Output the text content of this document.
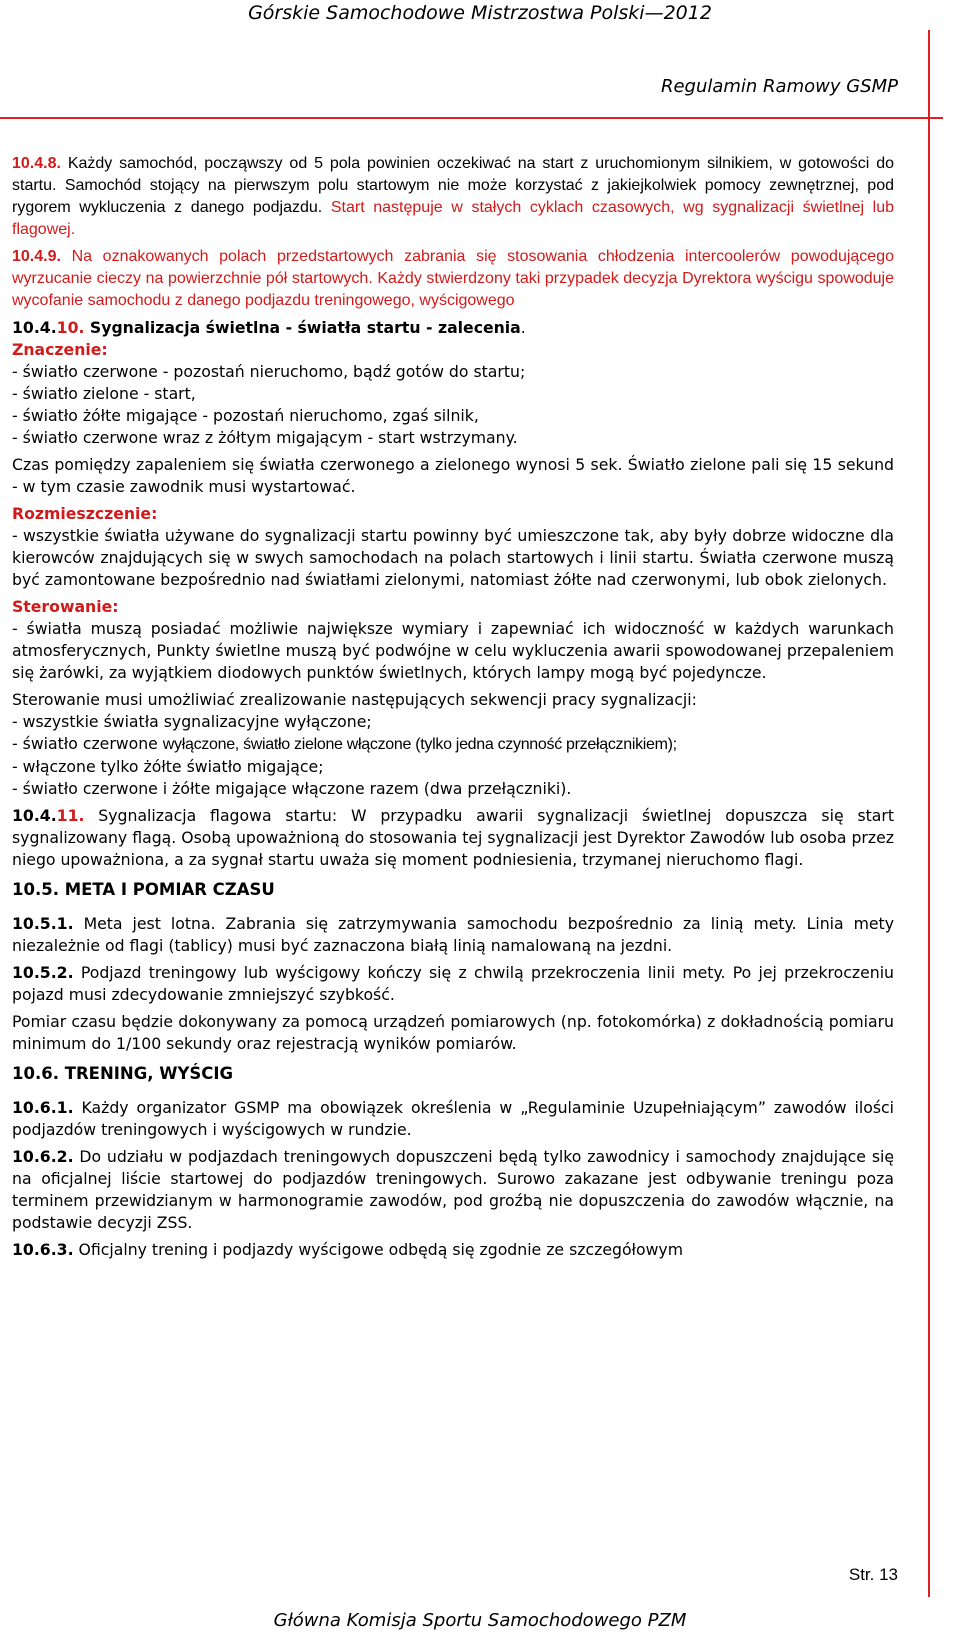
Górskie Samochodowe Mistrzostwa Polski—2012
Regulamin Ramowy GSMP

10.4.8. Każdy samochód, począwszy od 5 pola powinien oczekiwać na start z uruchomionym silnikiem, w gotowości do startu. Samochód stojący na pierwszym polu startowym nie może korzystać z jakiejkolwiek pomocy zewnętrznej, pod rygorem wykluczenia z danego podjazdu. Start następuje w stałych cyklach czasowych, wg sygnalizacji świetlnej lub flagowej.

10.4.9. Na oznakowanych polach przedstartowych zabrania się stosowania chłodzenia intercoolerów powodującego wyrzucanie cieczy na powierzchnie pół startowych. Każdy stwierdzony taki przypadek decyzja Dyrektora wyścigu spowoduje wycofanie samochodu z danego podjazdu treningowego, wyścigowego

10.4.10. Sygnalizacja świetlna - światła startu - zalecenia.

Znaczenie:

- światło czerwone - pozostań nieruchomo, bądź gotów do startu;

- światło zielone - start,

- światło żółte migające - pozostań nieruchomo, zgaś silnik,

- światło czerwone wraz z żółtym migającym - start wstrzymany.

Czas pomiędzy zapaleniem się światła czerwonego a zielonego wynosi 5 sek. Światło zielone pali się 15 sekund - w tym czasie zawodnik musi wystartować.

Rozmieszczenie:

- wszystkie światła używane do sygnalizacji startu powinny być umieszczone tak, aby były dobrze widoczne dla kierowców znajdujących się w swych samochodach na polach startowych i linii startu. Światła czerwone muszą być zamontowane bezpośrednio nad światłami zielonymi, natomiast żółte nad czerwonymi, lub obok zielonych.

Sterowanie:

- światła muszą posiadać możliwie największe wymiary i zapewniać ich widoczność w każdych warunkach atmosferycznych, Punkty świetlne muszą być podwójne w celu wykluczenia awarii spowodowanej przepaleniem się żarówki, za wyjątkiem diodowych punktów świetlnych, których lampy mogą być pojedyncze.

Sterowanie musi umożliwiać zrealizowanie następujących sekwencji pracy sygnalizacji:

- wszystkie światła sygnalizacyjne wyłączone;

- światło czerwone wyłączone, światło zielone włączone (tylko jedna czynność przełącznikiem);

- włączone tylko żółte światło migające;

- światło czerwone i żółte migające włączone razem (dwa przełączniki).

10.4.11. Sygnalizacja flagowa startu: W przypadku awarii sygnalizacji świetlnej dopuszcza się start sygnalizowany flagą. Osobą upoważnioną do stosowania tej sygnalizacji jest Dyrektor Zawodów lub osoba przez niego upoważniona, a za sygnał startu uważa się moment podniesienia, trzymanej nieruchomo flagi.

10.5. META I POMIAR CZASU

10.5.1. Meta jest lotna. Zabrania się zatrzymywania samochodu bezpośrednio za linią mety. Linia mety niezależnie od flagi (tablicy) musi być zaznaczona białą linią namalowaną na jezdni.

10.5.2. Podjazd treningowy lub wyścigowy kończy się z chwilą przekroczenia linii mety. Po jej przekroczeniu pojazd musi zdecydowanie zmniejszyć szybkość.

Pomiar czasu będzie dokonywany za pomocą urządzeń pomiarowych (np. fotokomórka) z dokładnością pomiaru minimum do 1/100 sekundy oraz rejestracją wyników pomiarów.

10.6. TRENING, WYŚCIG

10.6.1. Każdy organizator GSMP ma obowiązek określenia w „Regulaminie Uzupełniającym” zawodów ilości podjazdów treningowych i wyścigowych w rundzie.

10.6.2. Do udziału w podjazdach treningowych dopuszczeni będą tylko zawodnicy i samochody znajdujące się na oficjalnej liście startowej do podjazdów treningowych. Surowo zakazane jest odbywanie treningu poza terminem przewidzianym w harmonogramie zawodów, pod groźbą nie dopuszczenia do zawodów włącznie, na podstawie decyzji ZSS.

10.6.3. Oficjalny trening i podjazdy wyścigowe odbędą się zgodnie ze szczegółowym

Str. 13
Główna Komisja Sportu Samochodowego PZM
